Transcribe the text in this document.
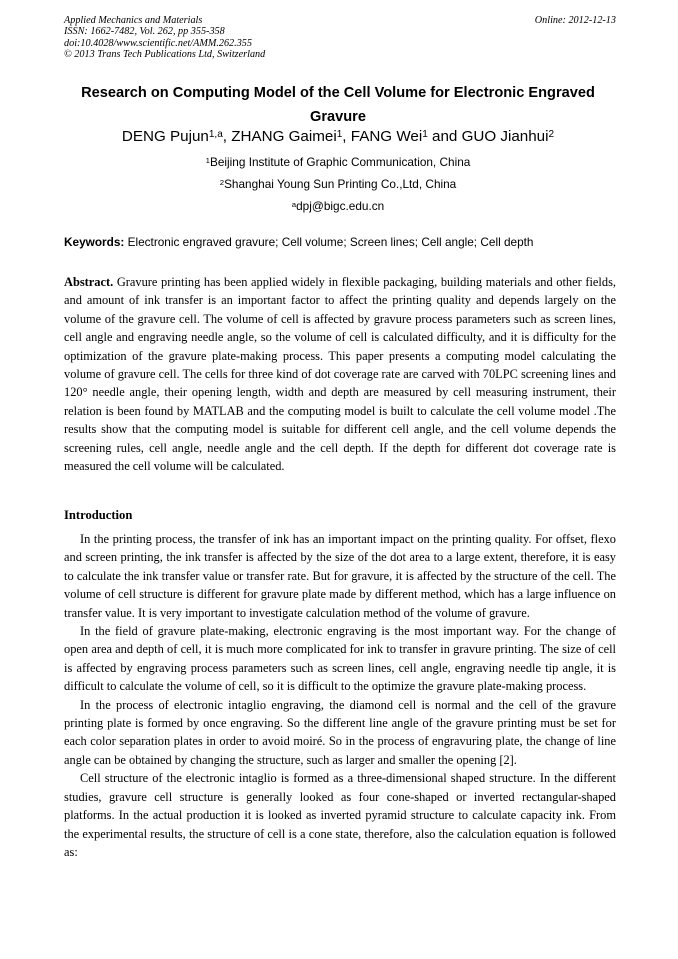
Applied Mechanics and Materials	Online: 2012-12-13
ISSN: 1662-7482, Vol. 262, pp 355-358
doi:10.4028/www.scientific.net/AMM.262.355
© 2013 Trans Tech Publications Ltd, Switzerland
Research on Computing Model of the Cell Volume for Electronic Engraved Gravure
DENG Pujun$^{1,a}$, ZHANG Gaimei$^1$, FANG Wei$^1$ and GUO Jianhui$^2$
$^1$Beijing Institute of Graphic Communication, China
$^2$Shanghai Young Sun Printing Co.,Ltd, China
$^a$dpj@bigc.edu.cn
Keywords: Electronic engraved gravure; Cell volume; Screen lines; Cell angle; Cell depth

Abstract. Gravure printing has been applied widely in flexible packaging, building materials and other fields, and amount of ink transfer is an important factor to affect the printing quality and depends largely on the volume of the gravure cell. The volume of cell is affected by gravure process parameters such as screen lines, cell angle and engraving needle angle, so the volume of cell is calculated difficulty, and it is difficulty for the optimization of the gravure plate-making process. This paper presents a computing model calculating the volume of gravure cell. The cells for three kind of dot coverage rate are carved with 70LPC screening lines and 120° needle angle, their opening length, width and depth are measured by cell measuring instrument, their relation is been found by MATLAB and the computing model is built to calculate the cell volume model .The results show that the computing model is suitable for different cell angle, and the cell volume depends the screening rules, cell angle, needle angle and the cell depth. If the depth for different dot coverage rate is measured the cell volume will be calculated.

Introduction

In the printing process, the transfer of ink has an important impact on the printing quality. For offset, flexo and screen printing, the ink transfer is affected by the size of the dot area to a large extent, therefore, it is easy to calculate the ink transfer value or transfer rate. But for gravure, it is affected by the structure of the cell. The volume of cell structure is different for gravure plate made by different method, which has a large influence on transfer value. It is very important to investigate calculation method of the volume of gravure.

In the field of gravure plate-making, electronic engraving is the most important way. For the change of open area and depth of cell, it is much more complicated for ink to transfer in gravure printing. The size of cell is affected by engraving process parameters such as screen lines, cell angle, engraving needle tip angle, it is difficult to calculate the volume of cell, so it is difficult to the optimize the gravure plate-making process.

In the process of electronic intaglio engraving, the diamond cell is normal and the cell of the gravure printing plate is formed by once engraving. So the different line angle of the gravure printing must be set for each color separation plates in order to avoid moiré. So in the process of engravuring plate, the change of line angle can be obtained by changing the structure, such as larger and smaller the opening [2].

Cell structure of the electronic intaglio is formed as a three-dimensional shaped structure. In the different studies, gravure cell structure is generally looked as four cone-shaped or inverted rectangular-shaped platforms. In the actual production it is looked as inverted pyramid structure to calculate capacity ink. From the experimental results, the structure of cell is a cone state, therefore, also the calculation equation is followed as:
